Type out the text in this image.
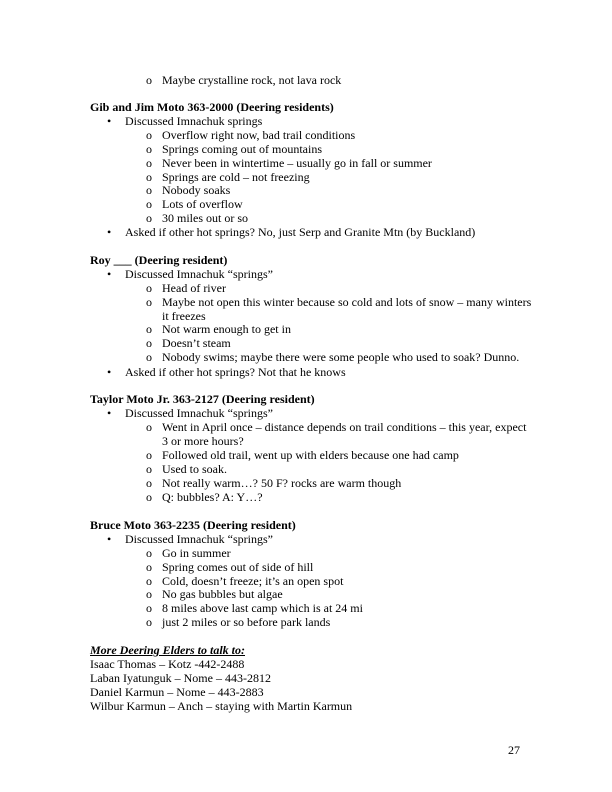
o Maybe crystalline rock, not lava rock
Gib and Jim Moto 363-2000 (Deering residents)
• Discussed Imnachuk springs
o Overflow right now, bad trail conditions
o Springs coming out of mountains
o Never been in wintertime – usually go in fall or summer
o Springs are cold – not freezing
o Nobody soaks
o Lots of overflow
o 30 miles out or so
• Asked if other hot springs? No, just Serp and Granite Mtn (by Buckland)
Roy ___ (Deering resident)
• Discussed Imnachuk “springs”
o Head of river
o Maybe not open this winter because so cold and lots of snow – many winters it freezes
o Not warm enough to get in
o Doesn’t steam
o Nobody swims; maybe there were some people who used to soak? Dunno.
• Asked if other hot springs? Not that he knows
Taylor Moto Jr. 363-2127 (Deering resident)
• Discussed Imnachuk “springs”
o Went in April once – distance depends on trail conditions – this year, expect 3 or more hours?
o Followed old trail, went up with elders because one had camp
o Used to soak.
o Not really warm…? 50 F? rocks are warm though
o Q: bubbles? A: Y…?
Bruce Moto 363-2235 (Deering resident)
• Discussed Imnachuk “springs”
o Go in summer
o Spring comes out of side of hill
o Cold, doesn’t freeze; it’s an open spot
o No gas bubbles but algae
o 8 miles above last camp which is at 24 mi
o just 2 miles or so before park lands
More Deering Elders to talk to:
Isaac Thomas – Kotz -442-2488
Laban Iyatunguk – Nome – 443-2812
Daniel Karmun – Nome – 443-2883
Wilbur Karmun – Anch – staying with Martin Karmun
27
